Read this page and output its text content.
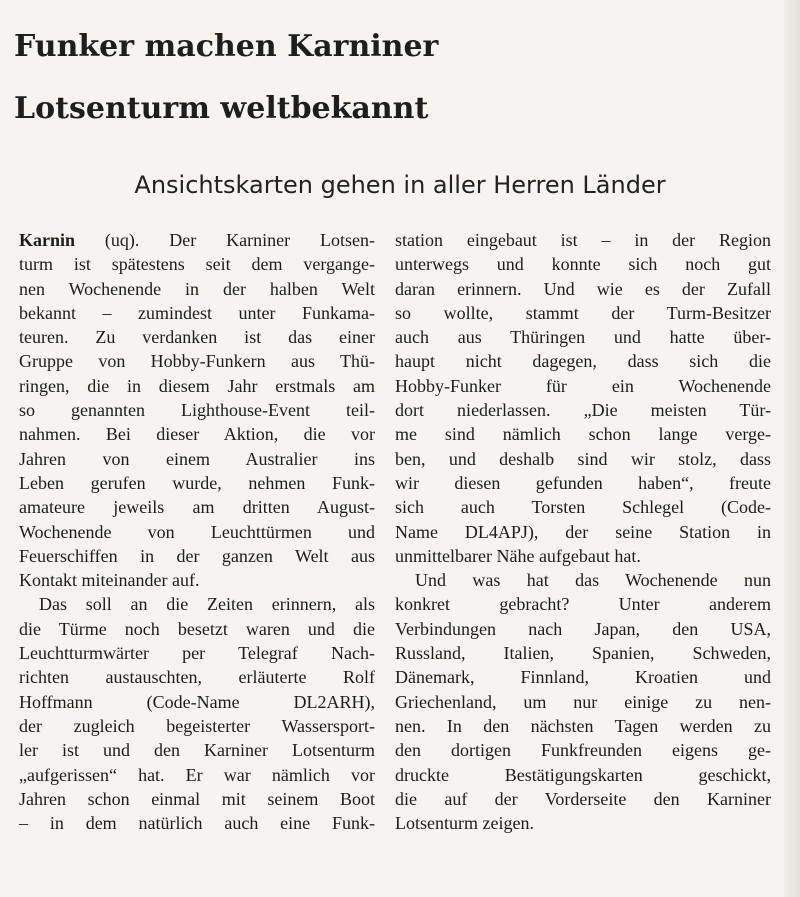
Funker machen Karniner
Lotsenturm weltbekannt
Ansichtskarten gehen in aller Herren Länder
Karnin (uq). Der Karniner Lotsen-
turm ist spätestens seit dem vergange-
nen Wochenende in der halben Welt
bekannt – zumindest unter Funkama-
teuren. Zu verdanken ist das einer
Gruppe von Hobby-Funkern aus Thü-
ringen, die in diesem Jahr erstmals am
so genannten Lighthouse-Event teil-
nahmen. Bei dieser Aktion, die vor
Jahren von einem Australier ins
Leben gerufen wurde, nehmen Funk-
amateure jeweils am dritten August-
Wochenende von Leuchttürmen und
Feuerschiffen in der ganzen Welt aus
Kontakt miteinander auf.
Das soll an die Zeiten erinnern, als
die Türme noch besetzt waren und die
Leuchtturmwärter per Telegraf Nach-
richten austauschten, erläuterte Rolf
Hoffmann (Code-Name DL2ARH),
der zugleich begeisterter Wassersport-
ler ist und den Karniner Lotsenturm
„aufgerissen“ hat. Er war nämlich vor
Jahren schon einmal mit seinem Boot
– in dem natürlich auch eine Funk-
station eingebaut ist – in der Region
unterwegs und konnte sich noch gut
daran erinnern. Und wie es der Zufall
so wollte, stammt der Turm-Besitzer
auch aus Thüringen und hatte über-
haupt nicht dagegen, dass sich die
Hobby-Funker für ein Wochenende
dort niederlassen. „Die meisten Tür-
me sind nämlich schon lange verge-
ben, und deshalb sind wir stolz, dass
wir diesen gefunden haben“, freute
sich auch Torsten Schlegel (Code-
Name DL4APJ), der seine Station in
unmittelbarer Nähe aufgebaut hat.
Und was hat das Wochenende nun
konkret gebracht? Unter anderem
Verbindungen nach Japan, den USA,
Russland, Italien, Spanien, Schweden,
Dänemark, Finnland, Kroatien und
Griechenland, um nur einige zu nen-
nen. In den nächsten Tagen werden zu
den dortigen Funkfreunden eigens ge-
druckte Bestätigungskarten geschickt,
die auf der Vorderseite den Karniner
Lotsenturm zeigen.
